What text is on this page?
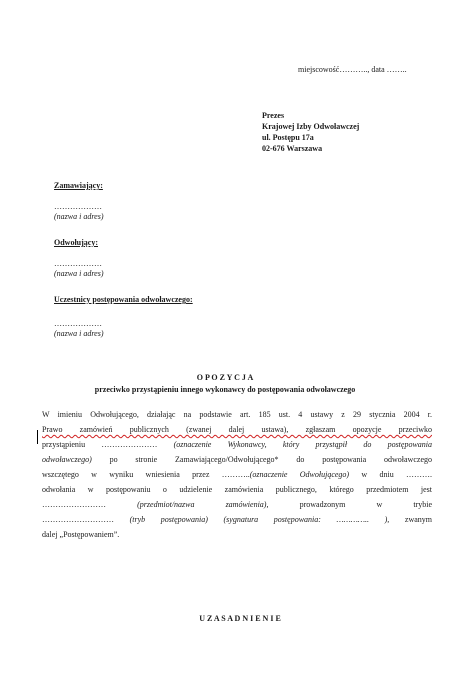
miejscowość……….., data ……..
Prezes
Krajowej Izby Odwoławczej
ul. Postępu 17a
02-676 Warszawa
Zamawiający:
………………
(nazwa i adres)
Odwołujący:
………………
(nazwa i adres)
Uczestnicy postępowania odwoławczego:
………………
(nazwa i adres)
O P O Z Y C J A
przeciwko przystąpieniu innego wykonawcy do postępowania odwoławczego
W imieniu Odwołującego, działając na podstawie art. 185 ust. 4 ustawy z 29 stycznia 2004 r.
Prawo zamówień publicznych (zwanej dalej ustawa), zgłaszam opozycje przeciwko
przystąpieniu ………………… (oznaczenie Wykonawcy, który przystąpił do postępowania
odwoławczego) po stronie Zamawiającego/Odwołującego* do postępowania odwoławczego
wszczętego w wyniku wniesienia przez ………..(oznaczenie Odwołującego) w dniu ……….
odwołania w postępowaniu o udzielenie zamówienia publicznego, którego przedmiotem jest
……………………	(przedmiot/nazwa zamówienia),	prowadzonym w trybie
……………………… (tryb postępowania) (sygnatura postępowania: ………….. ), zwanym
dalej „Postępowaniem”.
U Z A S A D N I E N I E
